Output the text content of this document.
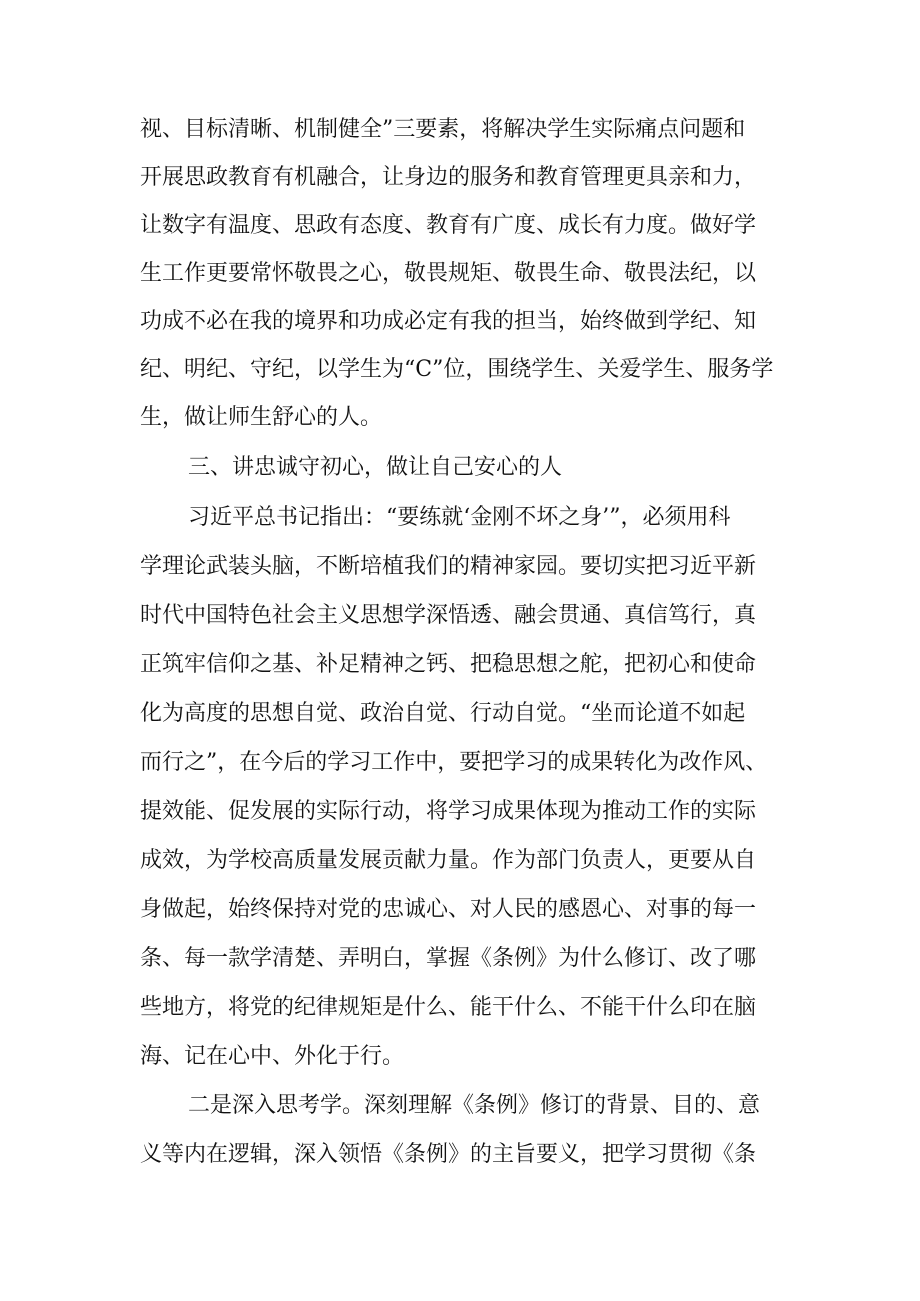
视、目标清晰、机制健全”三要素，将解决学生实际痛点问题和
开展思政教育有机融合，让身边的服务和教育管理更具亲和力，
让数字有温度、思政有态度、教育有广度、成长有力度。做好学
生工作更要常怀敬畏之心，敬畏规矩、敬畏生命、敬畏法纪，以
功成不必在我的境界和功成必定有我的担当，始终做到学纪、知
纪、明纪、守纪，以学生为“C”位，围绕学生、关爱学生、服务学
生，做让师生舒心的人。
三、讲忠诚守初心，做让自己安心的人
习近平总书记指出：“要练就‘金刚不坏之身’”，必须用科
学理论武装头脑，不断培植我们的精神家园。要切实把习近平新
时代中国特色社会主义思想学深悟透、融会贯通、真信笃行，真
正筑牢信仰之基、补足精神之钙、把稳思想之舵，把初心和使命
化为高度的思想自觉、政治自觉、行动自觉。“坐而论道不如起
而行之”，在今后的学习工作中，要把学习的成果转化为改作风、
提效能、促发展的实际行动，将学习成果体现为推动工作的实际
成效，为学校高质量发展贡献力量。作为部门负责人，更要从自
身做起，始终保持对党的忠诚心、对人民的感恩心、对事的每一
条、每一款学清楚、弄明白，掌握《条例》为什么修订、改了哪
些地方，将党的纪律规矩是什么、能干什么、不能干什么印在脑
海、记在心中、外化于行。
二是深入思考学。深刻理解《条例》修订的背景、目的、意
义等内在逻辑，深入领悟《条例》的主旨要义，把学习贯彻《条
